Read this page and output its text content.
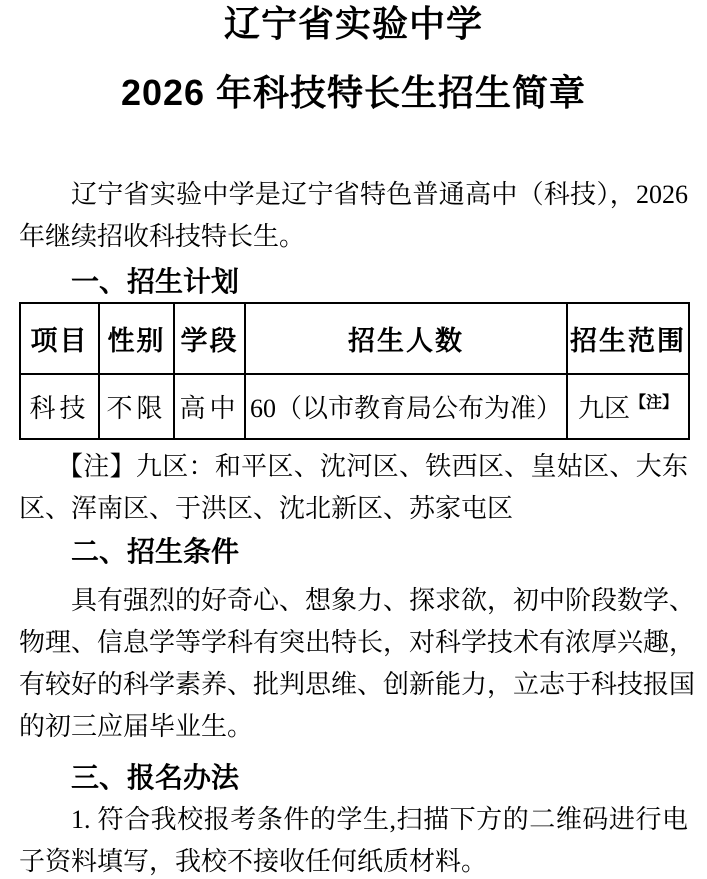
辽宁省实验中学
2026 年科技特长生招生简章
辽宁省实验中学是辽宁省特色普通高中（科技），2026
年继续招收科技特长生。
一、招生计划
项目	性别	学段	招生人数	招生范围
科技	不限	高中	60（以市教育局公布为准）	九区$^{【注】}$
【注】九区：和平区、沈河区、铁西区、皇姑区、大东
区、浑南区、于洪区、沈北新区、苏家屯区
二、招生条件
具有强烈的好奇心、想象力、探求欲，初中阶段数学、
物理、信息学等学科有突出特长，对科学技术有浓厚兴趣，
有较好的科学素养、批判思维、创新能力，立志于科技报国
的初三应届毕业生。
三、报名办法
1. 符合我校报考条件的学生,扫描下方的二维码进行电
子资料填写，我校不接收任何纸质材料。
